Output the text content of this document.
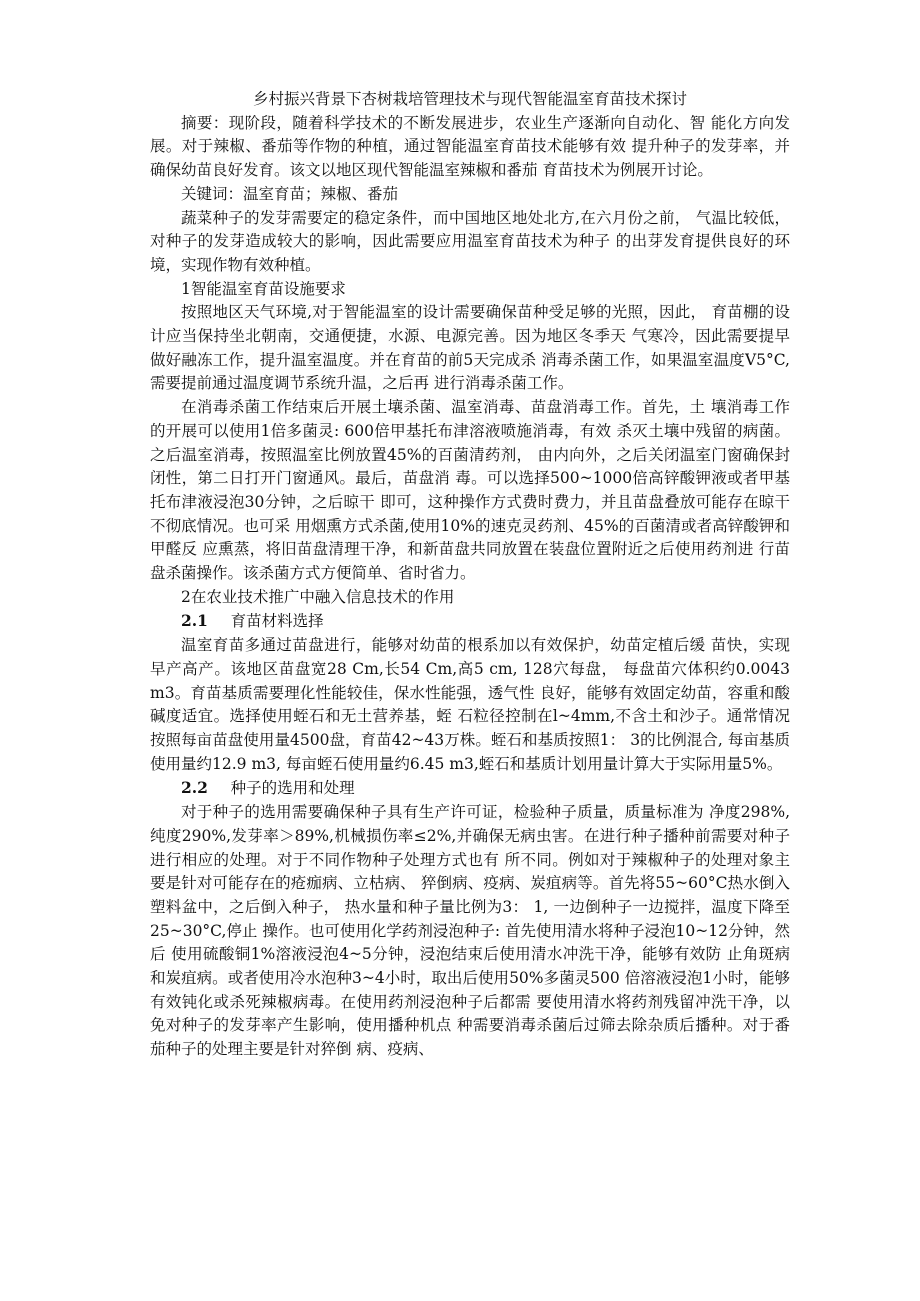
乡村振兴背景下杏树栽培管理技术与现代智能温室育苗技术探讨

摘要：现阶段，随着科学技术的不断发展进步，农业生产逐渐向自动化、智 能化方向发展。对于辣椒、番茄等作物的种植，通过智能温室育苗技术能够有效 提升种子的发芽率，并确保幼苗良好发育。该文以地区现代智能温室辣椒和番茄 育苗技术为例展开讨论。

关键词：温室育苗；辣椒、番茄

蔬菜种子的发芽需要定的稳定条件，而中国地区地处北方,在六月份之前， 气温比较低，对种子的发芽造成较大的影响，因此需要应用温室育苗技术为种子 的出芽发育提供良好的环境，实现作物有效种植。

1智能温室育苗设施要求

按照地区天气环境,对于智能温室的设计需要确保苗种受足够的光照，因此， 育苗棚的设计应当保持坐北朝南，交通便捷，水源、电源完善。因为地区冬季天 气寒冷，因此需要提早做好融冻工作，提升温室温度。并在育苗的前5天完成杀 消毒杀菌工作，如果温室温度V5°C,需要提前通过温度调节系统升温，之后再 进行消毒杀菌工作。

在消毒杀菌工作结束后开展土壤杀菌、温室消毒、苗盘消毒工作。首先，土 壤消毒工作的开展可以使用1倍多菌灵: 600倍甲基托布津溶液喷施消毒，有效 杀灭土壤中残留的病菌。之后温室消毒，按照温室比例放置45%的百菌清药剂， 由内向外，之后关闭温室门窗确保封闭性，第二日打开门窗通风。最后，苗盘消 毒。可以选择500~1000倍高锌酸钾液或者甲基托布津液浸泡30分钟，之后晾干 即可，这种操作方式费时费力，并且苗盘叠放可能存在晾干不彻底情况。也可采 用烟熏方式杀菌,使用10%的速克灵药剂、45%的百菌清或者高锌酸钾和甲醛反 应熏蒸，将旧苗盘清理干净，和新苗盘共同放置在装盘位置附近之后使用药剂进 行苗盘杀菌操作。该杀菌方式方便简单、省时省力。

2在农业技术推广中融入信息技术的作用

2.1 育苗材料选择

温室育苗多通过苗盘进行，能够对幼苗的根系加以有效保护，幼苗定植后缓 苗快，实现早产高产。该地区苗盘宽28 Cm,长54 Cm,高5 cm, 128穴每盘， 每盘苗穴体积约0.0043 m3。育苗基质需要理化性能较佳，保水性能强，透气性 良好，能够有效固定幼苗，容重和酸碱度适宜。选择使用蛭石和无土营养基，蛭 石粒径控制在l~4mm,不含土和沙子。通常情况按照每亩苗盘使用量4500盘，育苗42~43万株。蛭石和基质按照1： 3的比例混合, 每亩基质使用量约12.9 m3, 每亩蛭石使用量约6.45 m3,蛭石和基质计划用量计算大于实际用量5%。

2.2 种子的选用和处理

对于种子的选用需要确保种子具有生产许可证，检验种子质量，质量标准为 净度298%,纯度290%,发芽率＞89%,机械损伤率≤2%,并确保无病虫害。在进行种子播种前需要对种子进行相应的处理。对于不同作物种子处理方式也有 所不同。例如对于辣椒种子的处理对象主要是针对可能存在的疮痂病、立枯病、 猝倒病、疫病、炭疽病等。首先将55~60°C热水倒入塑料盆中，之后倒入种子， 热水量和种子量比例为3： 1, 一边倒种子一边搅拌，温度下降至25~30°C,停止 操作。也可使用化学药剂浸泡种子: 首先使用清水将种子浸泡10~12分钟，然后 使用硫酸铜1%溶液浸泡4~5分钟，浸泡结束后使用清水冲洗干净，能够有效防 止角斑病和炭疽病。或者使用冷水泡种3~4小时，取出后使用50%多菌灵500 倍溶液浸泡1小时，能够有效钝化或杀死辣椒病毒。在使用药剂浸泡种子后都需 要使用清水将药剂残留冲洗干净，以免对种子的发芽率产生影响，使用播种机点 种需要消毒杀菌后过筛去除杂质后播种。对于番茄种子的处理主要是针对猝倒 病、疫病、
